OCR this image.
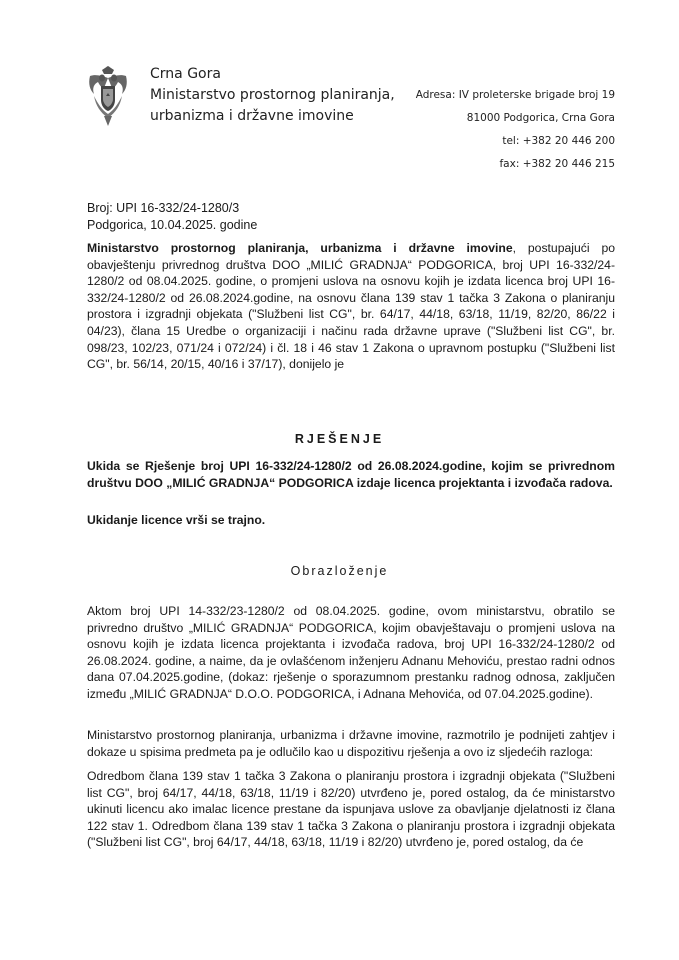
Crna Gora
Ministarstvo prostornog planiranja,
urbanizma i državne imovine
Adresa: IV proleterske brigade broj 19
81000 Podgorica, Crna Gora
tel: +382 20 446 200
fax: +382 20 446 215
Broj: UPI 16-332/24-1280/3
Podgorica, 10.04.2025. godine
Ministarstvo prostornog planiranja, urbanizma i državne imovine, postupajući po obavještenju privrednog društva DOO „MILIĆ GRADNJA“ PODGORICA, broj UPI 16-332/24-1280/2 od 08.04.2025. godine, o promjeni uslova na osnovu kojih je izdata licenca broj UPI 16-332/24-1280/2 od 26.08.2024.godine, na osnovu člana 139 stav 1 tačka 3 Zakona o planiranju prostora i izgradnji objekata ("Službeni list CG", br. 64/17, 44/18, 63/18, 11/19, 82/20, 86/22 i 04/23), člana 15 Uredbe o organizaciji i načinu rada državne uprave ("Službeni list CG", br. 098/23, 102/23, 071/24 i 072/24) i čl. 18 i 46 stav 1 Zakona o upravnom postupku ("Službeni list CG", br. 56/14, 20/15, 40/16 i 37/17), donijelo je
RJEŠENJE
Ukida se Rješenje broj UPI 16-332/24-1280/2 od 26.08.2024.godine, kojim se privrednom društvu DOO „MILIĆ GRADNJA“ PODGORICA izdaje licenca projektanta i izvođača radova.
Ukidanje licence vrši se trajno.
Obrazloženje
Aktom broj UPI 14-332/23-1280/2 od 08.04.2025. godine, ovom ministarstvu, obratilo se privredno društvo „MILIĆ GRADNJA“ PODGORICA, kojim obavještavaju o promjeni uslova na osnovu kojih je izdata licenca projektanta i izvođača radova, broj UPI 16-332/24-1280/2 od 26.08.2024. godine, a naime, da je ovlašćenom inženjeru Adnanu Mehoviću, prestao radni odnos dana 07.04.2025.godine, (dokaz: rješenje o sporazumnom prestanku radnog odnosa, zaključen između „MILIĆ GRADNJA“ D.O.O. PODGORICA, i Adnana Mehovića, od 07.04.2025.godine).
Ministarstvo prostornog planiranja, urbanizma i državne imovine, razmotrilo je podnijeti zahtjev i dokaze u spisima predmeta pa je odlučilo kao u dispozitivu rješenja a ovo iz sljedećih razloga:
Odredbom člana 139 stav 1 tačka 3 Zakona o planiranju prostora i izgradnji objekata ("Službeni list CG", broj 64/17, 44/18, 63/18, 11/19 i 82/20) utvrđeno je, pored ostalog, da će ministarstvo ukinuti licencu ako imalac licence prestane da ispunjava uslove za obavljanje djelatnosti iz člana 122 stav 1. Odredbom člana 139 stav 1 tačka 3 Zakona o planiranju prostora i izgradnji objekata ("Službeni list CG", broj 64/17, 44/18, 63/18, 11/19 i 82/20) utvrđeno je, pored ostalog, da će
